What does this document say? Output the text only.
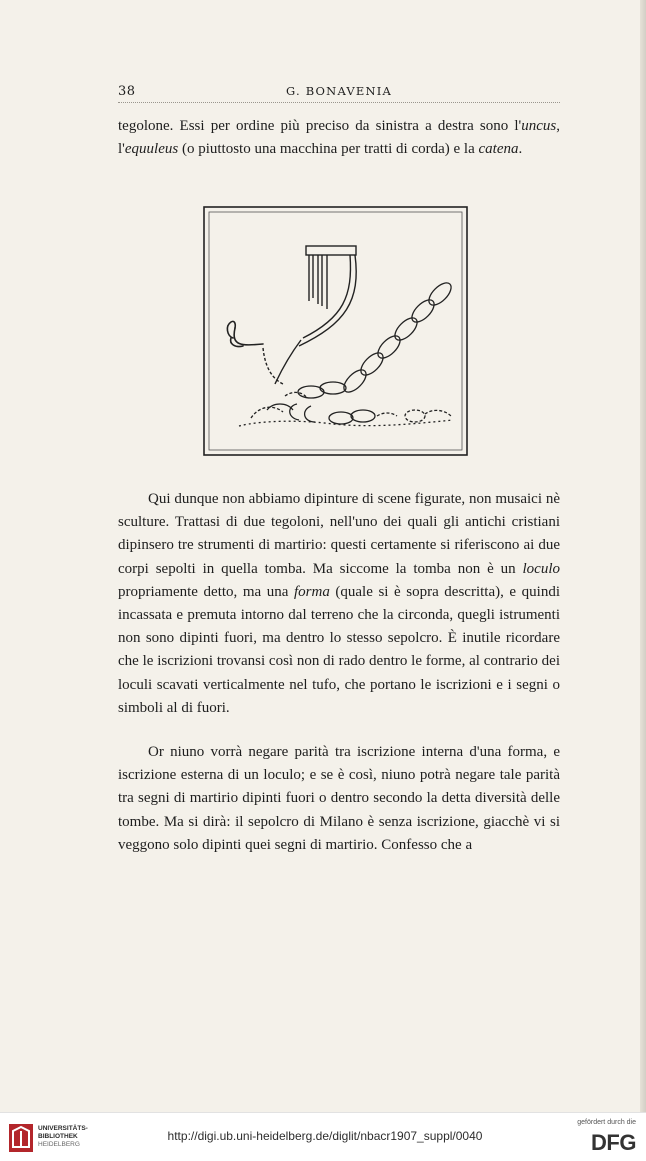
38	G. BONAVENIA

tegolone. Essi per ordine più preciso da sinistra a destra sono l'uncus, l'equuleus (o piuttosto una macchina per tratti di corda) e la catena.

Qui dunque non abbiamo dipinture di scene figurate, non musaici nè sculture. Trattasi di due tegoloni, nell'uno dei quali gli antichi cristiani dipinsero tre strumenti di martirio: questi certamente si riferiscono ai due corpi sepolti in quella tomba. Ma siccome la tomba non è un loculo propriamente detto, ma una forma (quale si è sopra descritta), e quindi incassata e premuta intorno dal terreno che la circonda, quegli istrumenti non sono dipinti fuori, ma dentro lo stesso sepolcro. È inutile ricordare che le iscrizioni trovansi così non di rado dentro le forme, al contrario dei loculi scavati verticalmente nel tufo, che portano le iscrizioni e i segni o simboli al di fuori.

Or niuno vorrà negare parità tra iscrizione interna d'una forma, e iscrizione esterna di un loculo; e se è così, niuno potrà negare tale parità tra segni di martirio dipinti fuori o dentro secondo la detta diversità delle tombe. Ma si dirà: il sepolcro di Milano è senza iscrizione, giacchè vi si veggono solo dipinti quei segni di martirio. Confesso che a

UNIVERSITÄTS-
BIBLIOTHEK
HEIDELBERG
http://digi.ub.uni-heidelberg.de/diglit/nbacr1907_suppl/0040
gefördert durch die
DFG
